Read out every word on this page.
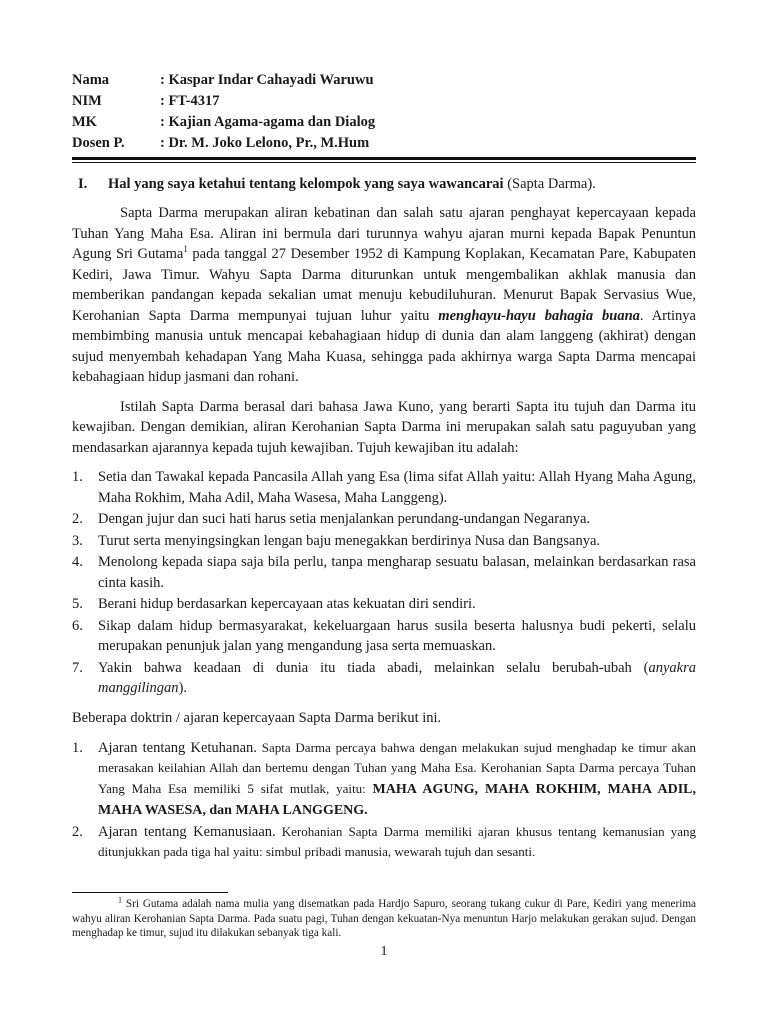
Nama	: Kaspar Indar Cahayadi Waruwu
NIM	: FT-4317
MK	: Kajian Agama-agama dan Dialog
Dosen P.	: Dr. M. Joko Lelono, Pr., M.Hum
I.	Hal yang saya ketahui tentang kelompok yang saya wawancarai (Sapta Darma).

Sapta Darma merupakan aliran kebatinan dan salah satu ajaran penghayat kepercayaan kepada Tuhan Yang Maha Esa. Aliran ini bermula dari turunnya wahyu ajaran murni kepada Bapak Penuntun Agung Sri Gutama$^1$ pada tanggal 27 Desember 1952 di Kampung Koplakan, Kecamatan Pare, Kabupaten Kediri, Jawa Timur. Wahyu Sapta Darma diturunkan untuk mengembalikan akhlak manusia dan memberikan pandangan kepada sekalian umat menuju kebudiluhuran. Menurut Bapak Servasius Wue, Kerohanian Sapta Darma mempunyai tujuan luhur yaitu menghayu-hayu bahagia buana. Artinya membimbing manusia untuk mencapai kebahagiaan hidup di dunia dan alam langgeng (akhirat) dengan sujud menyembah kehadapan Yang Maha Kuasa, sehingga pada akhirnya warga Sapta Darma mencapai kebahagiaan hidup jasmani dan rohani.

Istilah Sapta Darma berasal dari bahasa Jawa Kuno, yang berarti Sapta itu tujuh dan Darma itu kewajiban. Dengan demikian, aliran Kerohanian Sapta Darma ini merupakan salah satu paguyuban yang mendasarkan ajarannya kepada tujuh kewajiban. Tujuh kewajiban itu adalah:

1.	Setia dan Tawakal kepada Pancasila Allah yang Esa (lima sifat Allah yaitu: Allah Hyang Maha Agung, Maha Rokhim, Maha Adil, Maha Wasesa, Maha Langgeng).
2.	Dengan jujur dan suci hati harus setia menjalankan perundang-undangan Negaranya.
3.	Turut serta menyingsingkan lengan baju menegakkan berdirinya Nusa dan Bangsanya.
4.	Menolong kepada siapa saja bila perlu, tanpa mengharap sesuatu balasan, melainkan berdasarkan rasa cinta kasih.
5.	Berani hidup berdasarkan kepercayaan atas kekuatan diri sendiri.
6.	Sikap dalam hidup bermasyarakat, kekeluargaan harus susila beserta halusnya budi pekerti, selalu merupakan penunjuk jalan yang mengandung jasa serta memuaskan.
7.	Yakin bahwa keadaan di dunia itu tiada abadi, melainkan selalu berubah-ubah (anyakra manggilingan).
Beberapa doktrin / ajaran kepercayaan Sapta Darma berikut ini.
1.	Ajaran tentang Ketuhanan. Sapta Darma percaya bahwa dengan melakukan sujud menghadap ke timur akan merasakan keilahian Allah dan bertemu dengan Tuhan yang Maha Esa. Kerohanian Sapta Darma percaya Tuhan Yang Maha Esa memiliki 5 sifat mutlak, yaitu: MAHA AGUNG, MAHA ROKHIM, MAHA ADIL, MAHA WASESA, dan MAHA LANGGENG.
2.	Ajaran tentang Kemanusiaan. Kerohanian Sapta Darma memiliki ajaran khusus tentang kemanusian yang ditunjukkan pada tiga hal yaitu: simbul pribadi manusia, wewarah tujuh dan sesanti.
$^1$ Sri Gutama adalah nama mulia yang disematkan pada Hardjo Sapuro, seorang tukang cukur di Pare, Kediri yang menerima wahyu aliran Kerohanian Sapta Darma. Pada suatu pagi, Tuhan dengan kekuatan-Nya menuntun Harjo melakukan gerakan sujud. Dengan menghadap ke timur, sujud itu dilakukan sebanyak tiga kali.
1
